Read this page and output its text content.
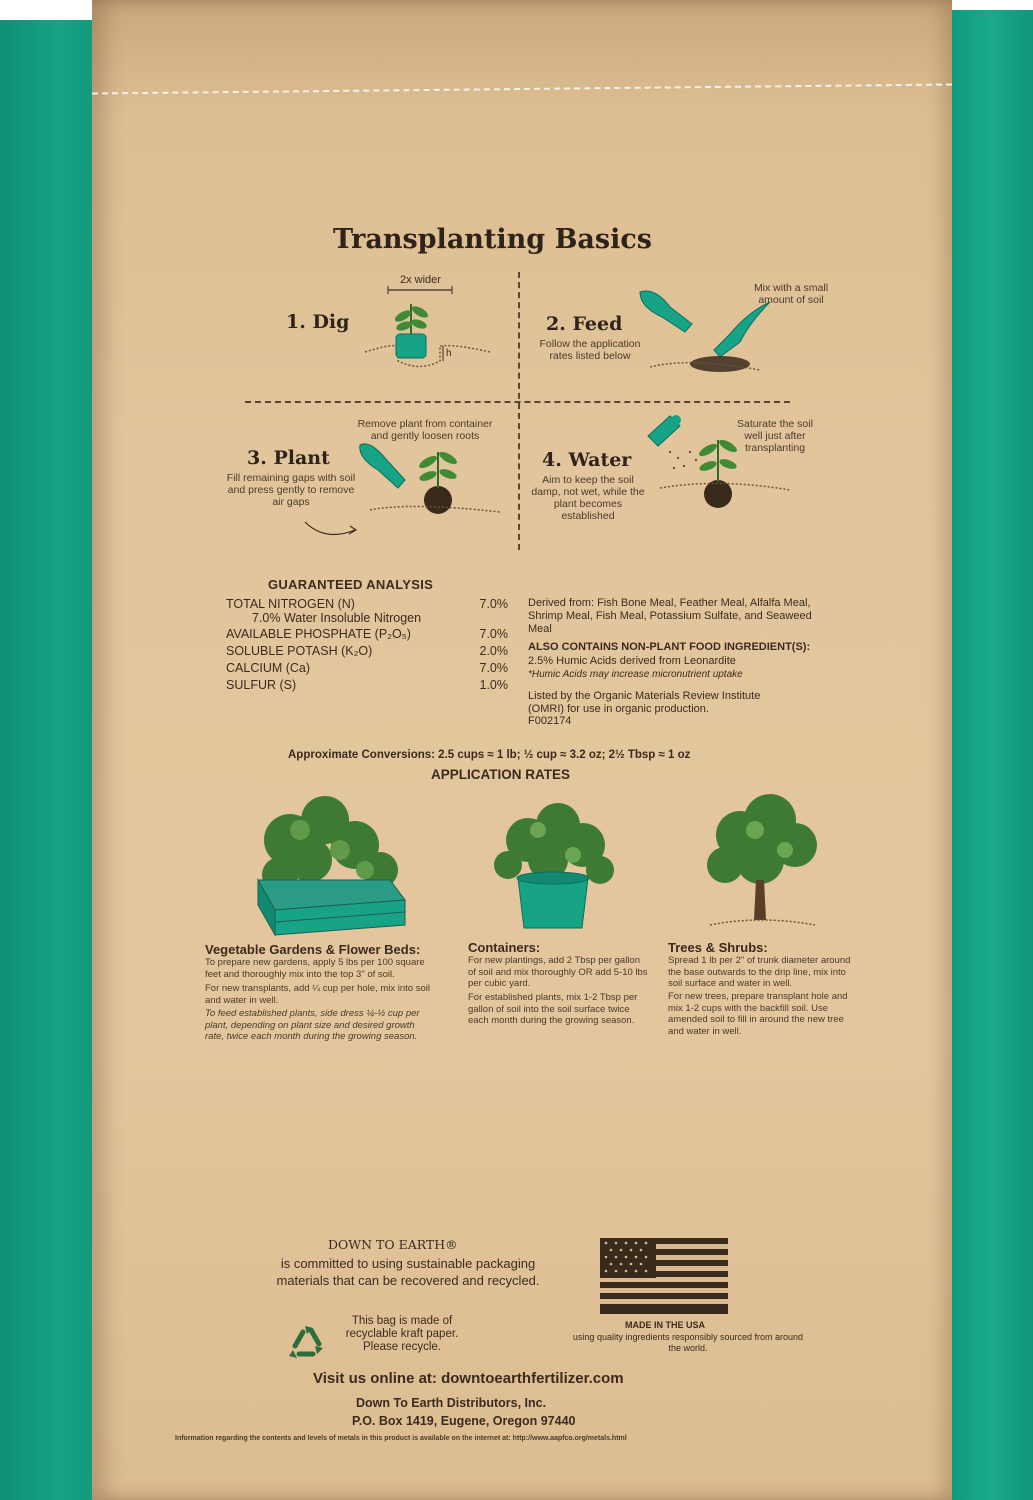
Transplanting Basics
1. Dig
2x wider
h
2. Feed
Mix with a small amount of soil
Follow the application rates listed below
3. Plant
Remove plant from container and gently loosen roots
Fill remaining gaps with soil and press gently to remove air gaps
4. Water
Saturate the soil well just after transplanting
Aim to keep the soil damp, not wet, while the plant becomes established
GUARANTEED ANALYSIS
TOTAL NITROGEN (N)	7.0%
7.0% Water Insoluble Nitrogen
AVAILABLE PHOSPHATE (P₂O₅)	7.0%
SOLUBLE POTASH (K₂O)	2.0%
CALCIUM (Ca)	7.0%
SULFUR (S)	1.0%
Derived from: Fish Bone Meal, Feather Meal, Alfalfa Meal, Shrimp Meal, Fish Meal, Potassium Sulfate, and Seaweed Meal
ALSO CONTAINS NON-PLANT FOOD INGREDIENT(S):
2.5% Humic Acids derived from Leonardite
*Humic Acids may increase micronutrient uptake
Listed by the Organic Materials Review Institute (OMRI) for use in organic production.
F002174
Approximate Conversions: 2.5 cups ≈ 1 lb; ½ cup ≈ 3.2 oz; 2½ Tbsp ≈ 1 oz
APPLICATION RATES
Vegetable Gardens & Flower Beds:
To prepare new gardens, apply 5 lbs per 100 square feet and thoroughly mix into the top 3" of soil.
For new transplants, add ¼ cup per hole, mix into soil and water in well.
To feed established plants, side dress ¼-½ cup per plant, depending on plant size and desired growth rate, twice each month during the growing season.
Containers:
For new plantings, add 2 Tbsp per gallon of soil and mix thoroughly OR add 5-10 lbs per cubic yard.
For established plants, mix 1-2 Tbsp per gallon of soil into the soil surface twice each month during the growing season.
Trees & Shrubs:
Spread 1 lb per 2" of trunk diameter around the base outwards to the drip line, mix into soil surface and water in well.
For new trees, prepare transplant hole and mix 1-2 cups with the backfill soil. Use amended soil to fill in around the new tree and water in well.
DOWN TO EARTH®
is committed to using sustainable packaging materials that can be recovered and recycled.
This bag is made of recyclable kraft paper. Please recycle.
MADE IN THE USA
using quality ingredients responsibly sourced from around the world.
Visit us online at: downtoearthfertilizer.com
Down To Earth Distributors, Inc.
P.O. Box 1419, Eugene, Oregon 97440
Information regarding the contents and levels of metals in this product is available on the internet at: http://www.aapfco.org/metals.html
